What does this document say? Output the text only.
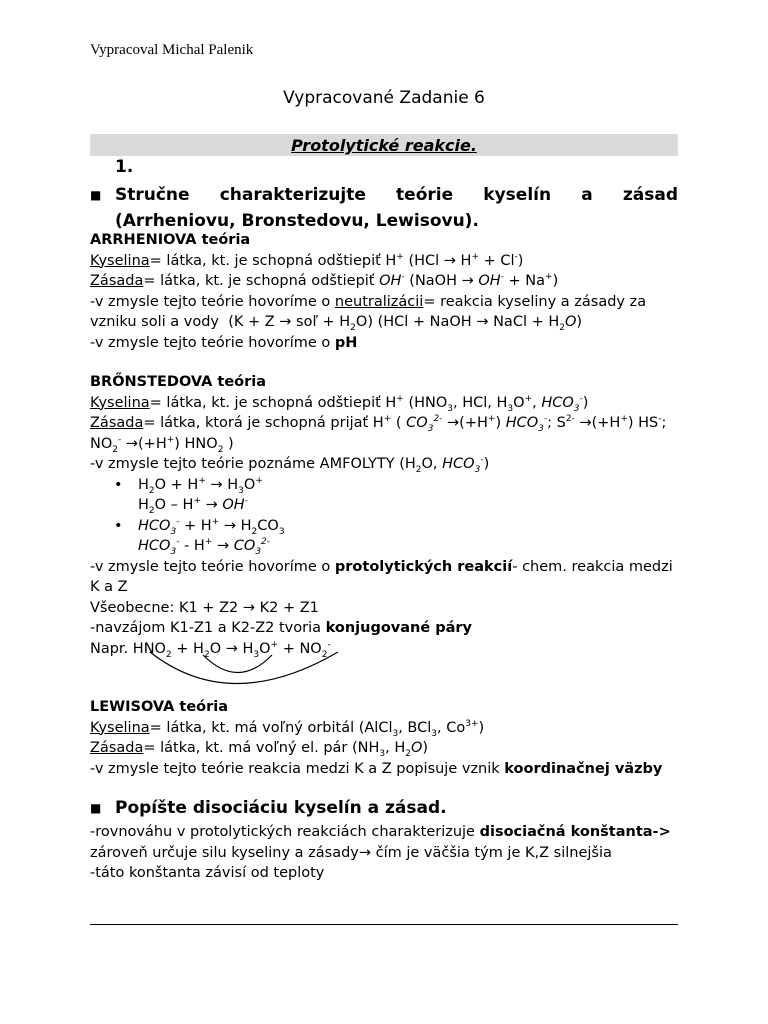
Vypracoval Michal Palenik
Vypracované Zadanie 6
Protolytické reakcie.
1.
■ Stručne charakterizujte teórie kyselín a zásad (Arrheniovu, Bronstedovu, Lewisovu).
ARRHENIOVA teória
Kyselina= látka, kt. je schopná odštiepiť H+ (HCl → H+ + Cl-)
Zásada= látka, kt. je schopná odštiepiť OH- (NaOH → OH- + Na+)
-v zmysle tejto teórie hovoríme o neutralizácii= reakcia kyseliny a zásady za
vzniku soli a vody  (K + Z → soľ + $H_2O$) (HCl + NaOH → NaCl + $H_2O$)
-v zmysle tejto teórie hovoríme o pH
BRŐNSTEDOVA teória
Kyselina= látka, kt. je schopná odštiepiť H+ ($HNO_3$, HCl, $H_3O^+$, $HCO_3^-$)
Zásada= látka, ktorá je schopná prijať H+ ( $CO_3^{2-} \to(+H^+)$ $HCO_3^-$; $S^{2-} \to(+H^+)$ HS-;
$NO_2^- \to(+H^+)$ $HNO_2$ )
-v zmysle tejto teórie poznáme AMFOLYTY ($H_2O$, $HCO_3^-$)
• $H_2O + H^+ \to H_3O^+$
$H_2O - H^+ \to OH^-$
• $HCO_3^- + H^+ \to H_2CO_3$
$HCO_3^- - H^+ \to CO_3^{2-}$
-v zmysle tejto teórie hovoríme o protolytických reakcií- chem. reakcia medzi
K a Z
Všeobecne: K1 + Z2 → K2 + Z1
-navzájom K1-Z1 a K2-Z2 tvoria konjugované páry
Napr. $HNO_2 + H_2O \to H_3O^+ + NO_2^-$
LEWISOVA teória
Kyselina= látka, kt. má voľný orbitál (AlCl$_3$, BCl$_3$, $Co^{3+}$)
Zásada= látka, kt. má voľný el. pár ($NH_3$, $H_2O$)
-v zmysle tejto teórie reakcia medzi K a Z popisuje vznik koordinačnej väzby
■ Popíšte disociáciu kyselín a zásad.
-rovnováhu v protolytických reakciách charakterizuje disociačná konštanta->
zároveň určuje silu kyseliny a zásady→ čím je väčšia tým je K,Z silnejšia
-táto konštanta závisí od teploty
